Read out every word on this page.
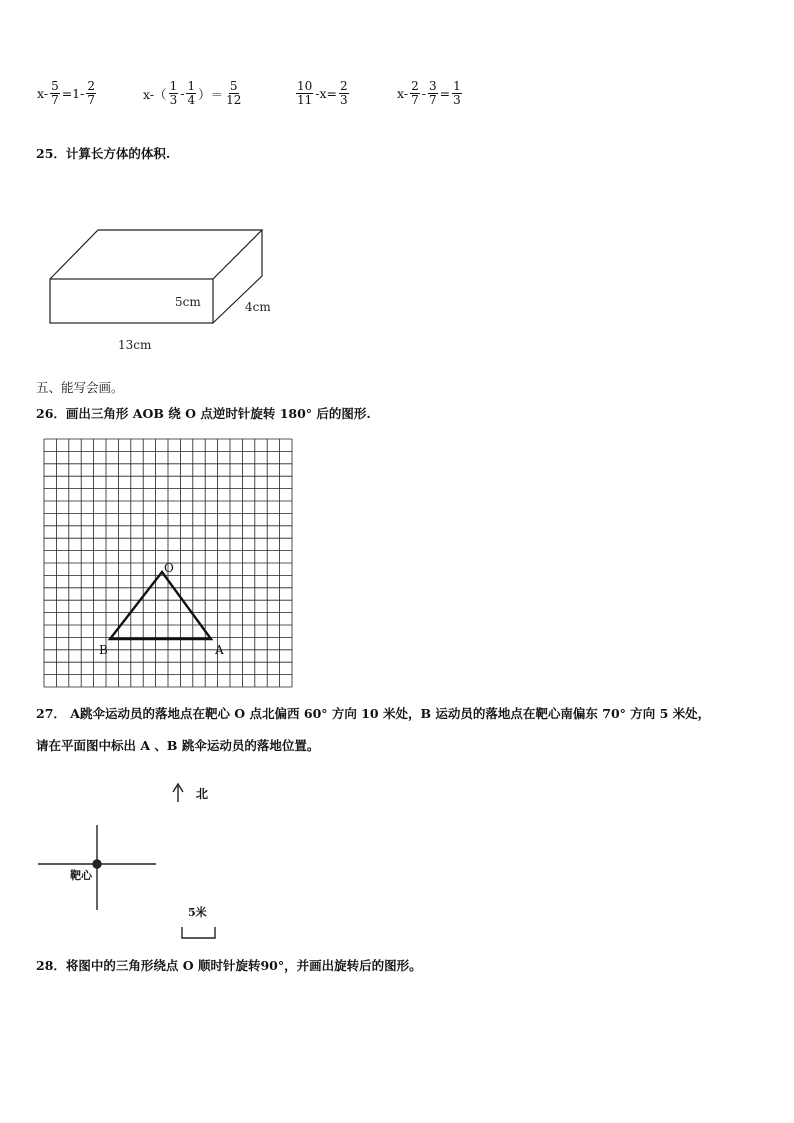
$x- \frac{5}{7} =1- \frac{2}{7}$	$x-( \frac{1}{3} - \frac{1}{4}$ ）＝ $\frac{5}{12}$	$\frac{10}{11} -x= \frac{2}{3}$	$x- \frac{2}{7} - \frac{3}{7} = \frac{1}{3}$
25．计算长方体的体积.
5cm	4cm
13cm
五、能写会画。
26．画出三角形 AOB 绕 O 点逆时针旋转 180° 后的图形.
O
B	A
27． A跳伞运动员的落地点在靶心 O 点北偏西 60° 方向 10 米处，B 运动员的落地点在靶心南偏东 70° 方向 5 米处，
请在平面图中标出 A 、B 跳伞运动员的落地位置。
北
靶心
5米
28．将图中的三角形绕点 O 顺时针旋转90°，并画出旋转后的图形。
